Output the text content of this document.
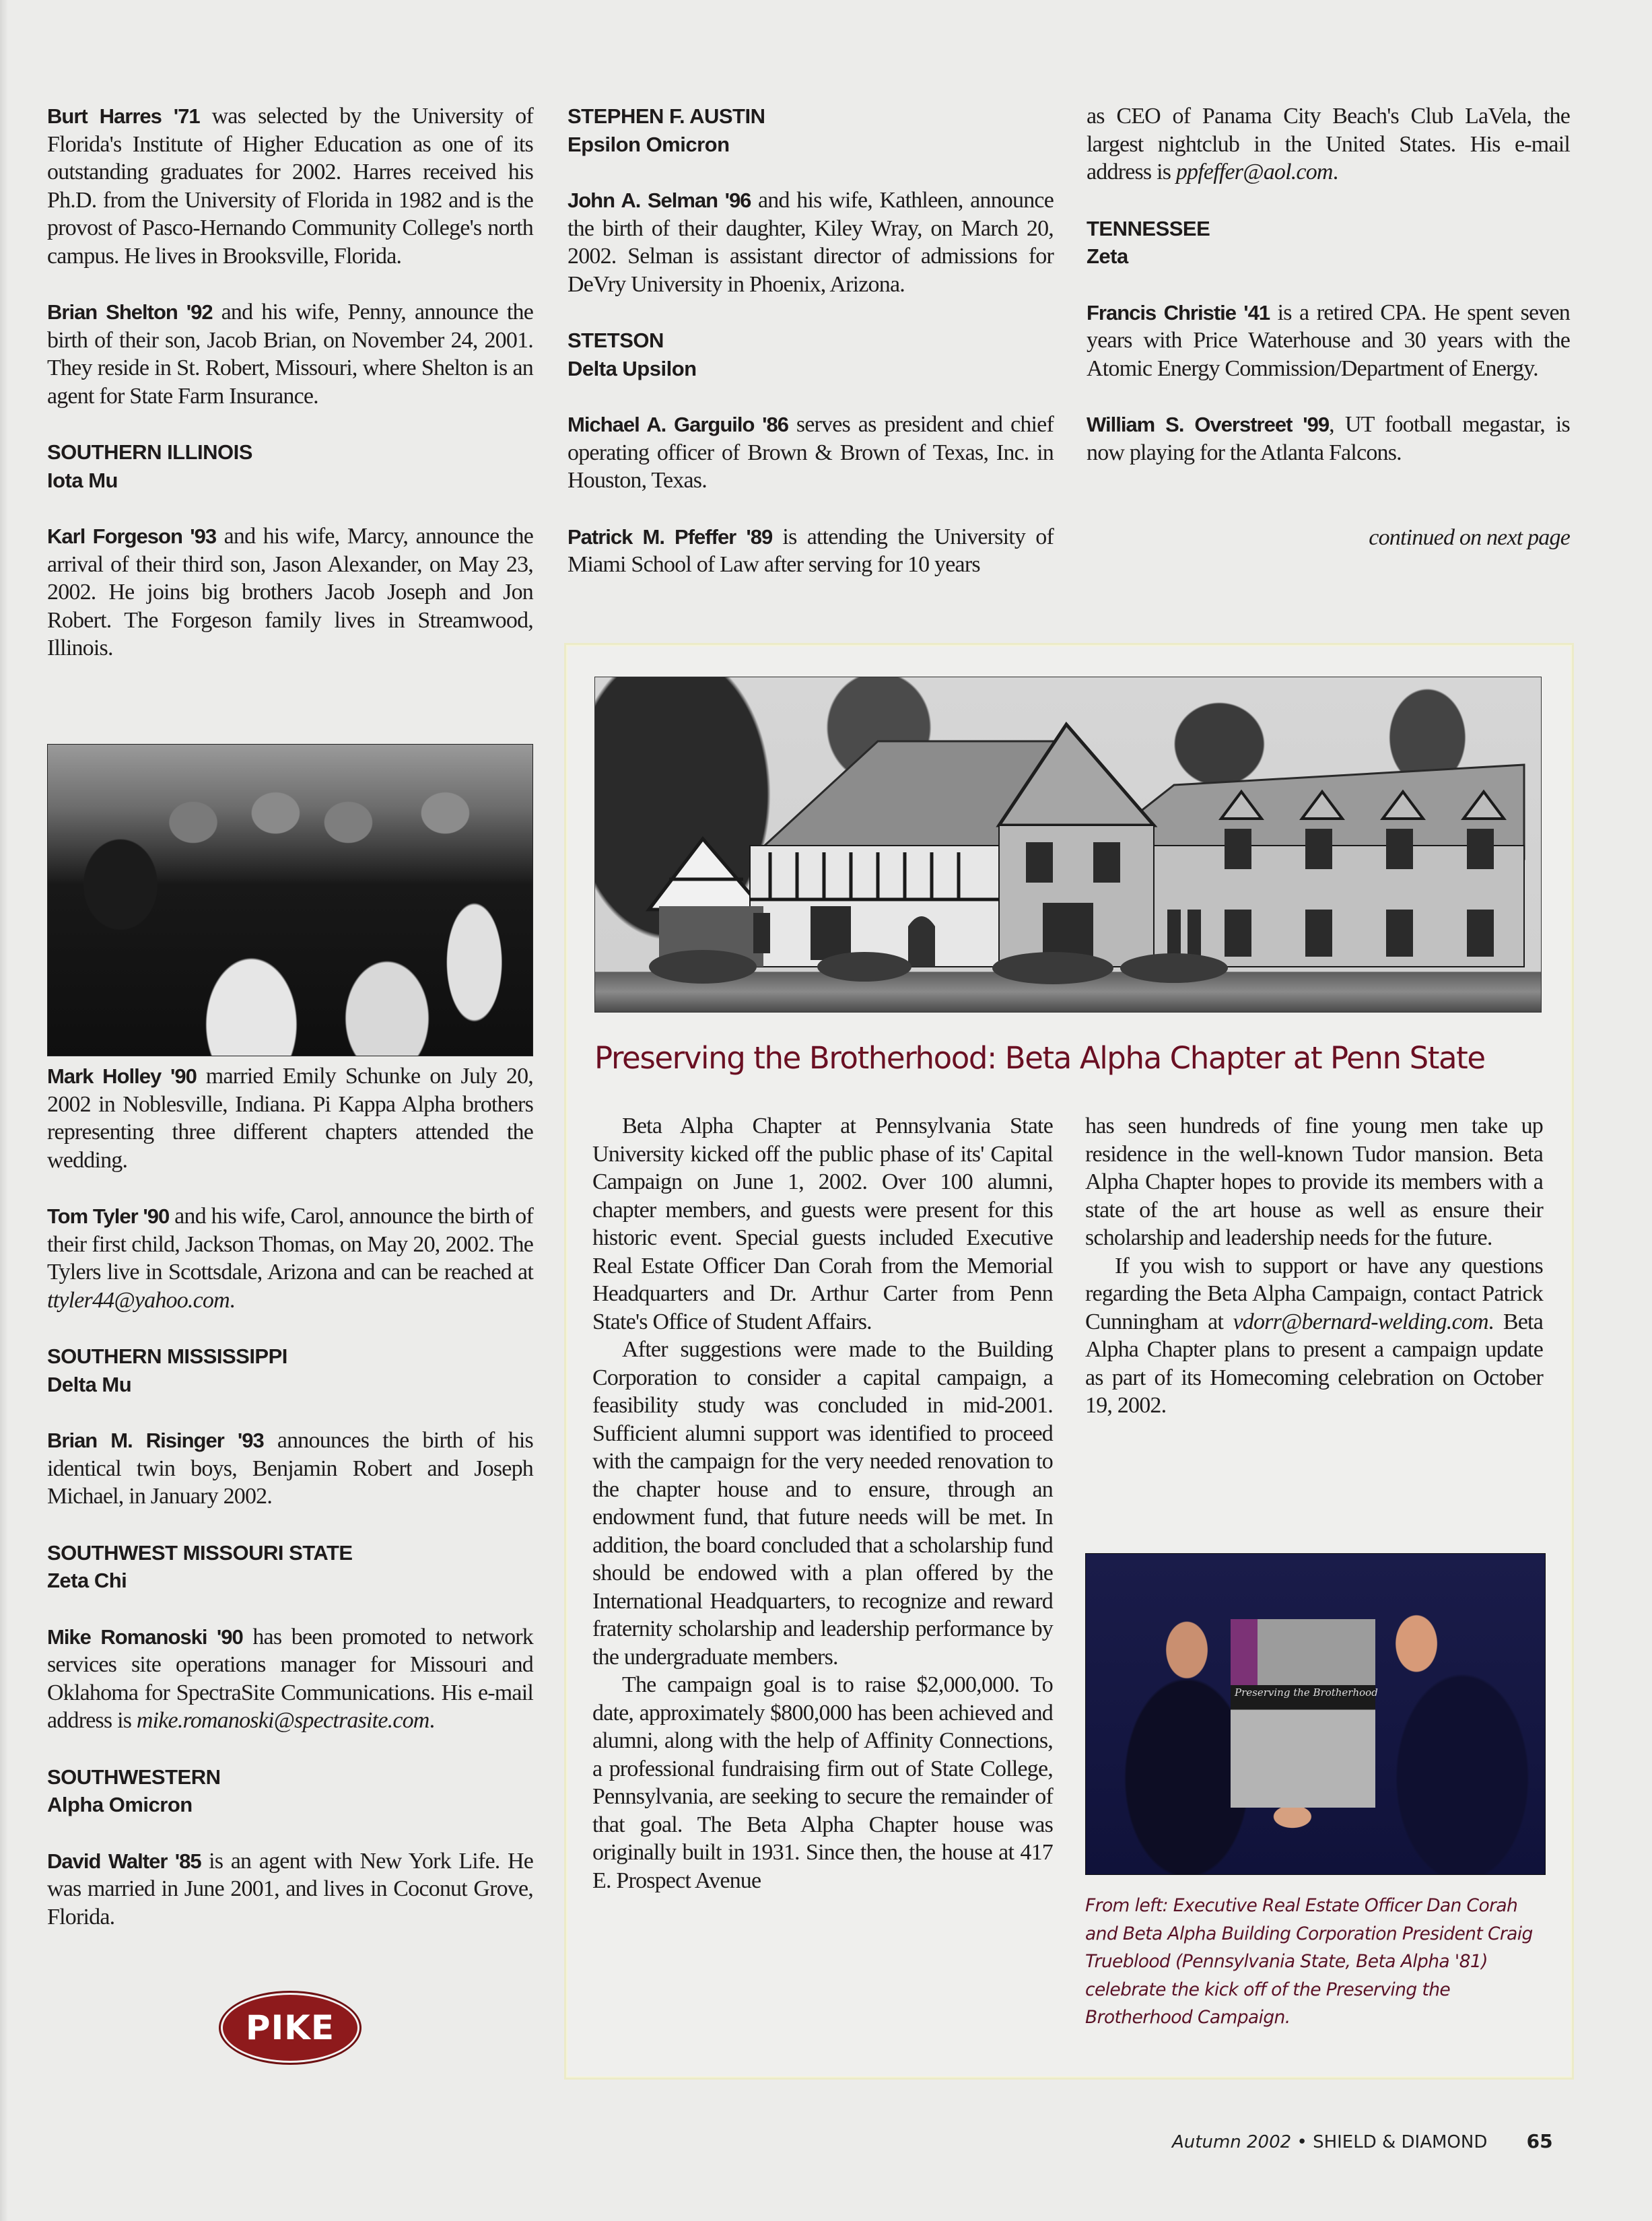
Burt Harres '71 was selected by the University of Florida's Institute of Higher Education as one of its outstanding graduates for 2002. Harres received his Ph.D. from the University of Florida in 1982 and is the provost of Pasco-Hernando Community College's north campus. He lives in Brooksville, Florida.

Brian Shelton '92 and his wife, Penny, announce the birth of their son, Jacob Brian, on November 24, 2001. They reside in St. Robert, Missouri, where Shelton is an agent for State Farm Insurance.

SOUTHERN ILLINOIS
Iota Mu

Karl Forgeson '93 and his wife, Marcy, announce the arrival of their third son, Jason Alexander, on May 23, 2002. He joins big brothers Jacob Joseph and Jon Robert. The Forgeson family lives in Streamwood, Illinois.

Mark Holley '90 married Emily Schunke on July 20, 2002 in Noblesville, Indiana. Pi Kappa Alpha brothers representing three different chapters attended the wedding.

Tom Tyler '90 and his wife, Carol, announce the birth of their first child, Jackson Thomas, on May 20, 2002. The Tylers live in Scottsdale, Arizona and can be reached at ttyler44@yahoo.com.

SOUTHERN MISSISSIPPI
Delta Mu

Brian M. Risinger '93 announces the birth of his identical twin boys, Benjamin Robert and Joseph Michael, in January 2002.

SOUTHWEST MISSOURI STATE
Zeta Chi

Mike Romanoski '90 has been promoted to network services site operations manager for Missouri and Oklahoma for SpectraSite Communications. His e-mail address is mike.romanoski@spectrasite.com.

SOUTHWESTERN
Alpha Omicron

David Walter '85 is an agent with New York Life. He was married in June 2001, and lives in Coconut Grove, Florida.

STEPHEN F. AUSTIN
Epsilon Omicron

John A. Selman '96 and his wife, Kathleen, announce the birth of their daughter, Kiley Wray, on March 20, 2002. Selman is assistant director of admissions for DeVry University in Phoenix, Arizona.

STETSON
Delta Upsilon

Michael A. Garguilo '86 serves as president and chief operating officer of Brown & Brown of Texas, Inc. in Houston, Texas.

Patrick M. Pfeffer '89 is attending the University of Miami School of Law after serving for 10 years

as CEO of Panama City Beach's Club LaVela, the largest nightclub in the United States. His e-mail address is ppfeffer@aol.com.

TENNESSEE
Zeta

Francis Christie '41 is a retired CPA. He spent seven years with Price Waterhouse and 30 years with the Atomic Energy Commission/Department of Energy.

William S. Overstreet '99, UT football megastar, is now playing for the Atlanta Falcons.

continued on next page
Preserving the Brotherhood: Beta Alpha Chapter at Penn State

Beta Alpha Chapter at Pennsylvania State University kicked off the public phase of its' Capital Campaign on June 1, 2002. Over 100 alumni, chapter members, and guests were present for this historic event. Special guests included Executive Real Estate Officer Dan Corah from the Memorial Headquarters and Dr. Arthur Carter from Penn State's Office of Student Affairs.

After suggestions were made to the Building Corporation to consider a capital campaign, a feasibility study was concluded in mid-2001. Sufficient alumni support was identified to proceed with the campaign for the very needed renovation to the chapter house and to ensure, through an endowment fund, that future needs will be met. In addition, the board concluded that a scholarship fund should be endowed with a plan offered by the International Headquarters, to recognize and reward fraternity scholarship and leadership performance by the undergraduate members.

The campaign goal is to raise $2,000,000. To date, approximately $800,000 has been achieved and alumni, along with the help of Affinity Connections, a professional fundraising firm out of State College, Pennsylvania, are seeking to secure the remainder of that goal. The Beta Alpha Chapter house was originally built in 1931. Since then, the house at 417 E. Prospect Avenue

has seen hundreds of fine young men take up residence in the well-known Tudor mansion. Beta Alpha Chapter hopes to provide its members with a state of the art house as well as ensure their scholarship and leadership needs for the future.

If you wish to support or have any questions regarding the Beta Alpha Campaign, contact Patrick Cunningham at vdorr@bernard-welding.com. Beta Alpha Chapter plans to present a campaign update as part of its Homecoming celebration on October 19, 2002.

Preserving the Brotherhood
From left: Executive Real Estate Officer Dan Corah and Beta Alpha Building Corporation President Craig Trueblood (Pennsylvania State, Beta Alpha '81) celebrate the kick off of the Preserving the Brotherhood Campaign.
PIKE
Autumn 2002 • SHIELD & DIAMOND 65
